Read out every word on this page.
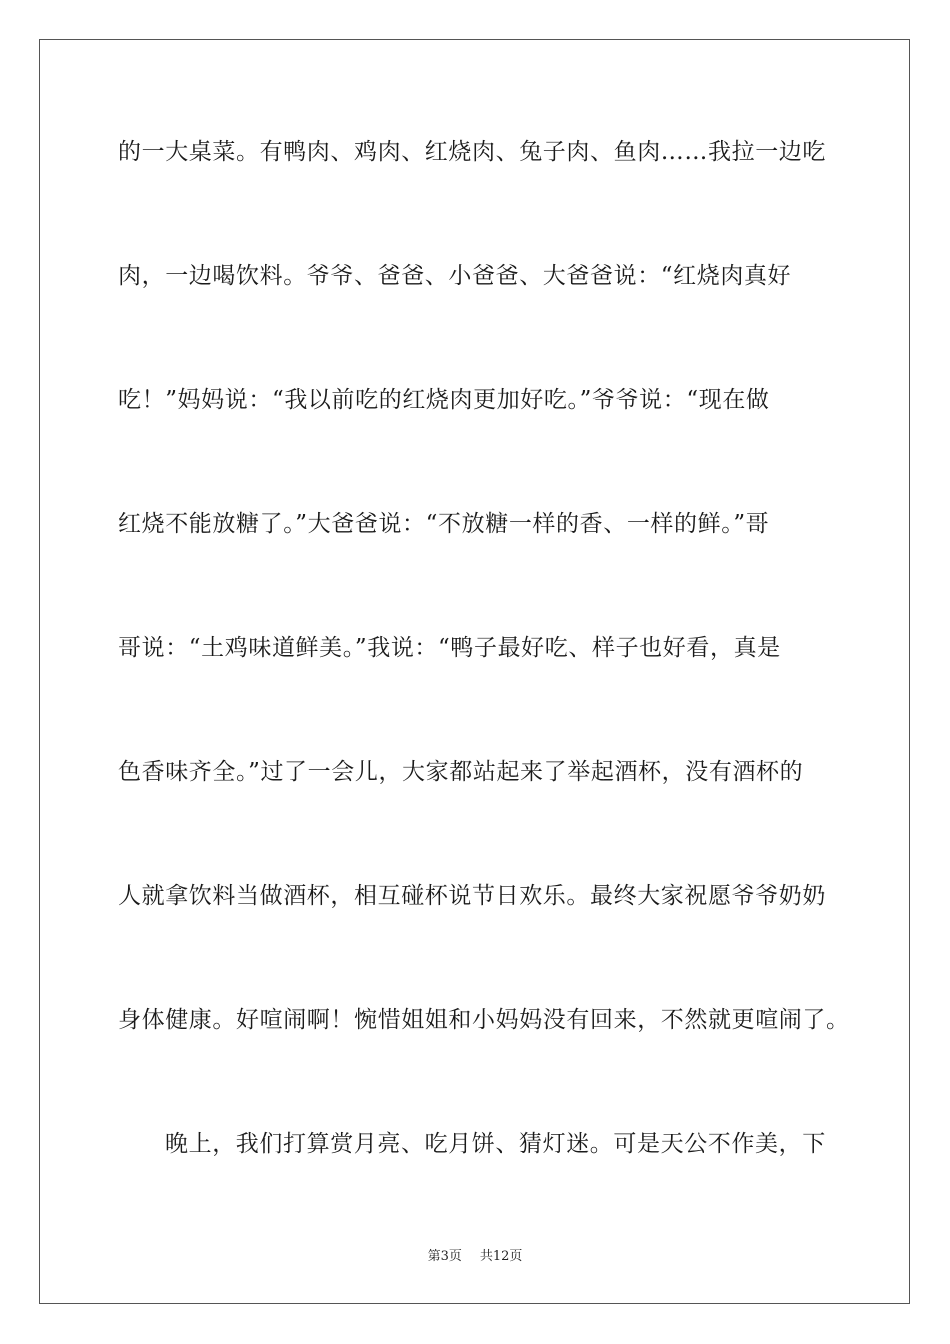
的一大桌菜。有鸭肉、鸡肉、红烧肉、兔子肉、鱼肉……我拉一边吃

肉，一边喝饮料。爷爷、爸爸、小爸爸、大爸爸说：“红烧肉真好

吃！”妈妈说：“我以前吃的红烧肉更加好吃。”爷爷说：“现在做

红烧不能放糖了。”大爸爸说：“不放糖一样的香、一样的鲜。”哥

哥说：“土鸡味道鲜美。”我说：“鸭子最好吃、样子也好看，真是

色香味齐全。”过了一会儿，大家都站起来了举起酒杯，没有酒杯的

人就拿饮料当做酒杯，相互碰杯说节日欢乐。最终大家祝愿爷爷奶奶

身体健康。好喧闹啊！惋惜姐姐和小妈妈没有回来，不然就更喧闹了。

晚上，我们打算赏月亮、吃月饼、猜灯迷。可是天公不作美，下

第3页 共12页
